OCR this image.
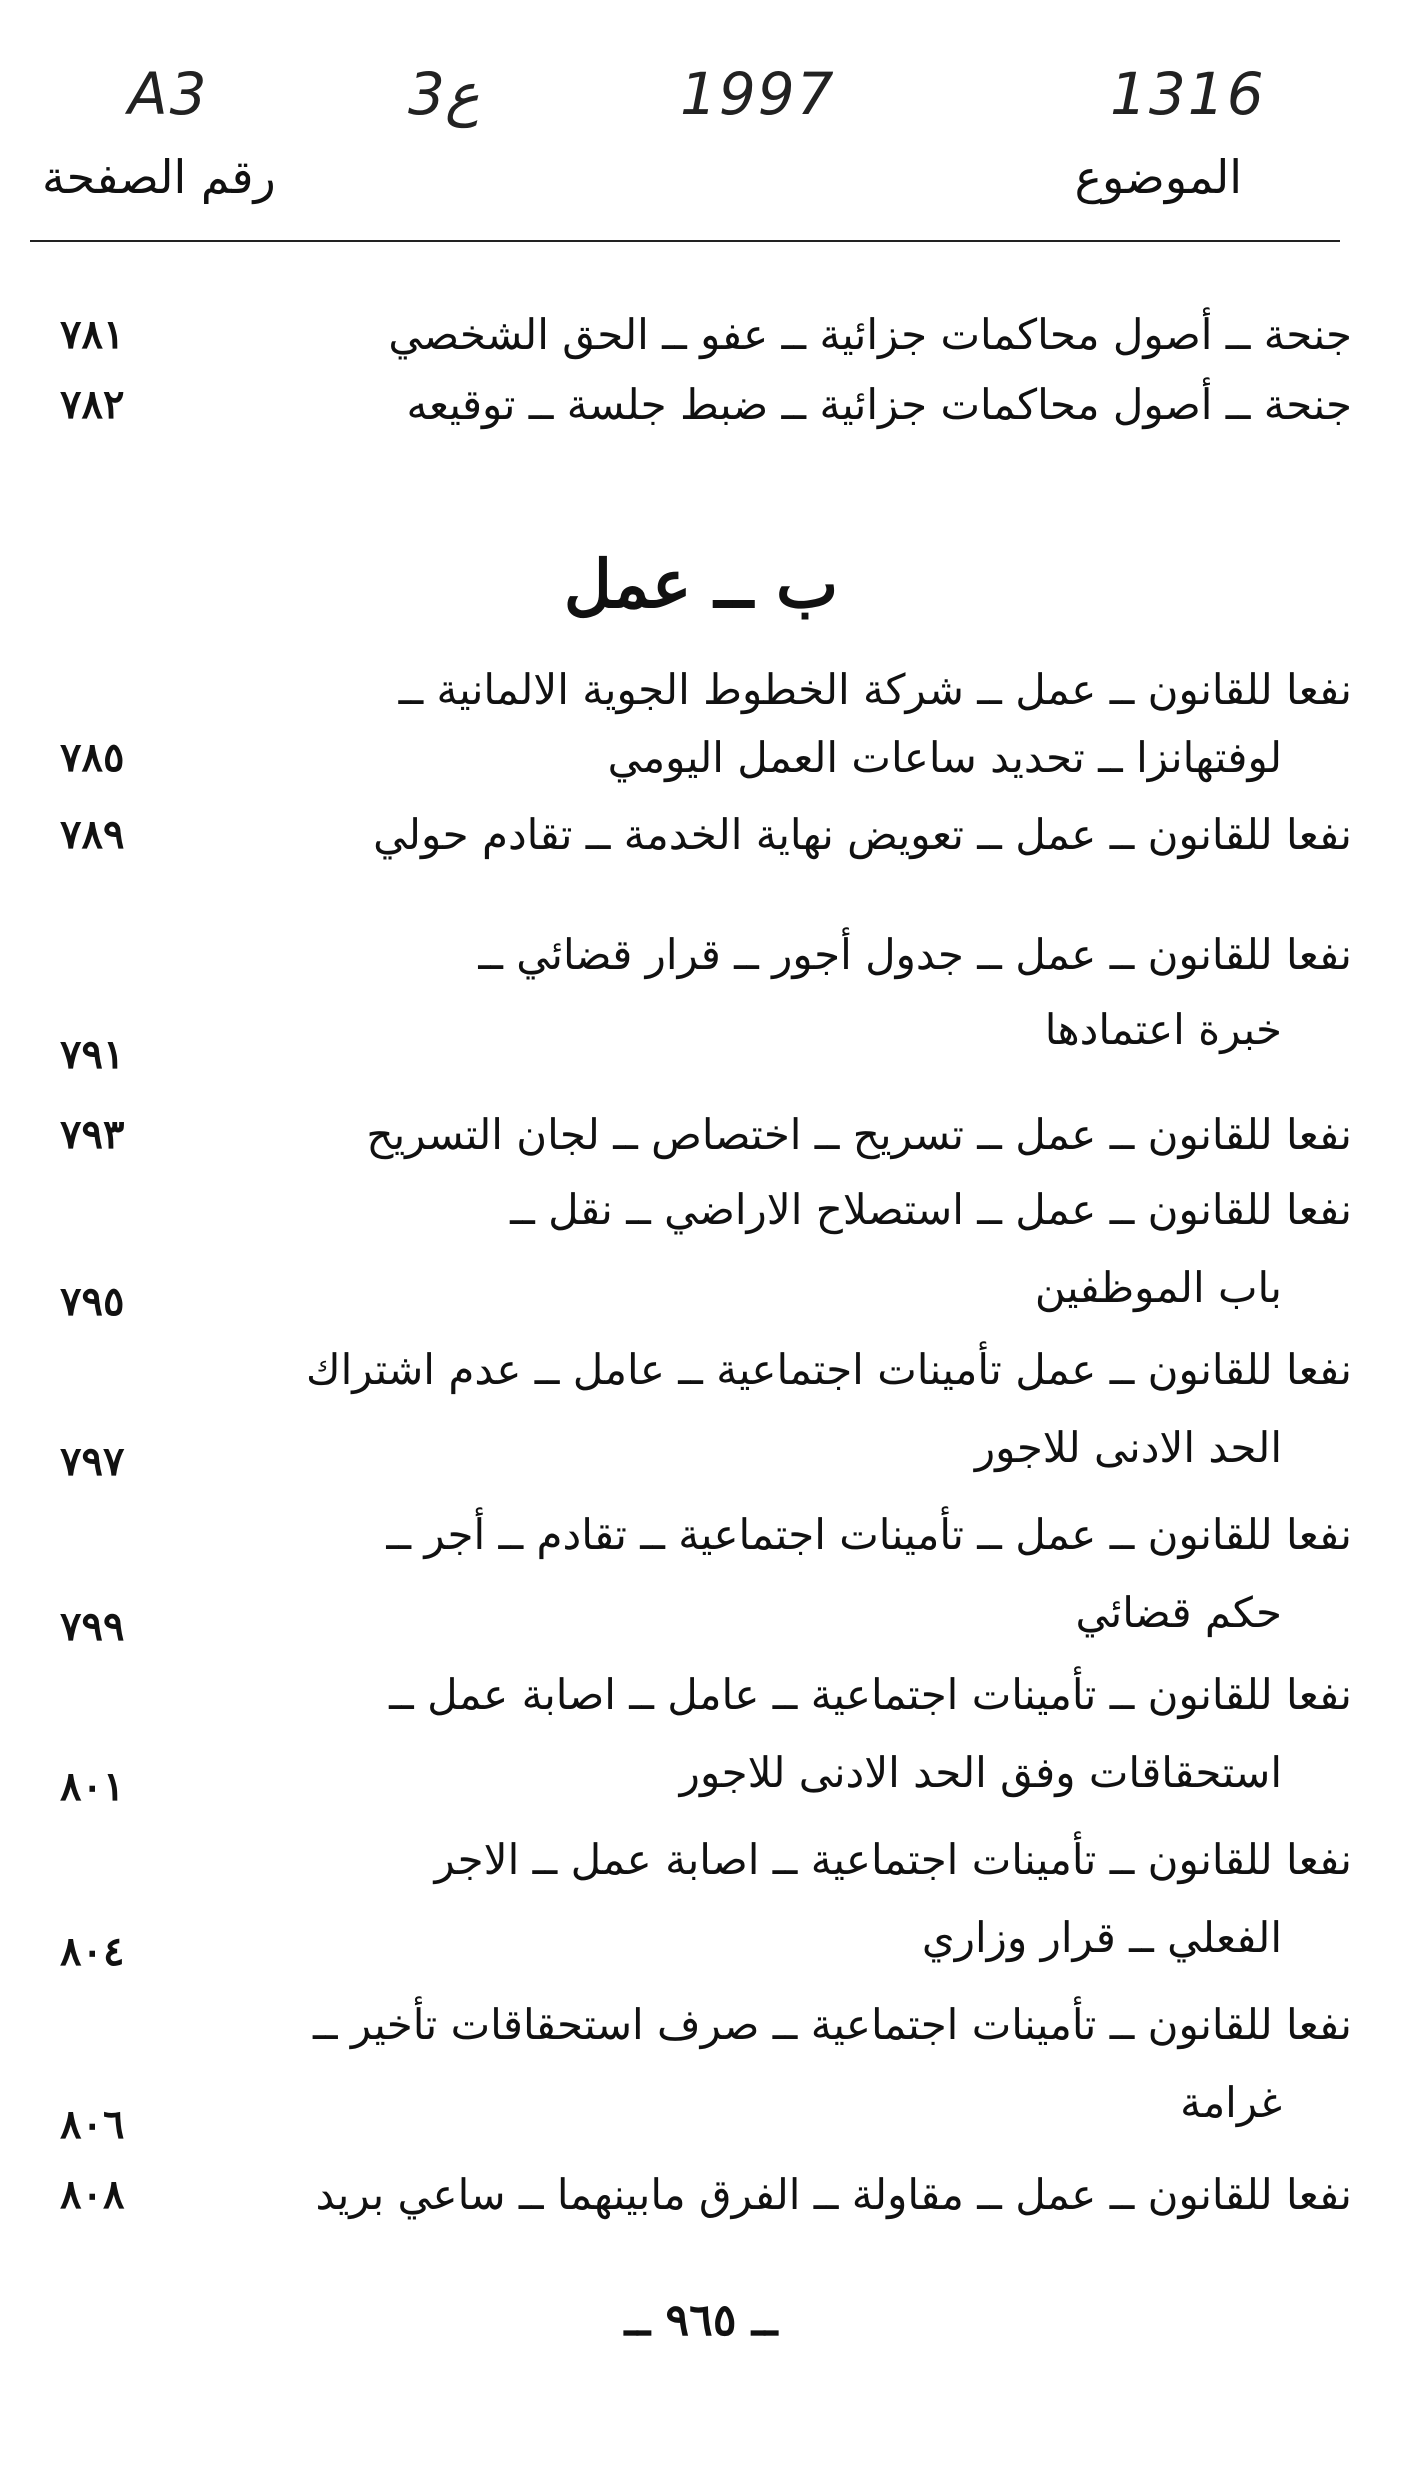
A3	3ع	1997	1316
الموضوع
رقم الصفحة
جنحة ــ أصول محاكمات جزائية ــ عفو ــ الحق الشخصي
٧٨١
جنحة ــ أصول محاكمات جزائية ــ ضبط جلسة ــ توقيعه
٧٨٢
ب ــ عمل
نفعا للقانون ــ عمل ــ شركة الخطوط الجوية الالمانية ــ
لوفتهانزا ــ تحديد ساعات العمل اليومي
٧٨٥
نفعا للقانون ــ عمل ــ تعويض نهاية الخدمة ــ تقادم حولي
٧٨٩
نفعا للقانون ــ عمل ــ جدول أجور ــ قرار قضائي ــ
خبرة اعتمادها
٧٩١
نفعا للقانون ــ عمل ــ تسريح ــ اختصاص ــ لجان التسريح
٧٩٣
نفعا للقانون ــ عمل ــ استصلاح الاراضي ــ نقل ــ
باب الموظفين
٧٩٥
نفعا للقانون ــ عمل تأمينات اجتماعية ــ عامل ــ عدم اشتراك
الحد الادنى للاجور
٧٩٧
نفعا للقانون ــ عمل ــ تأمينات اجتماعية ــ تقادم ــ أجر ــ
حكم قضائي
٧٩٩
نفعا للقانون ــ تأمينات اجتماعية ــ عامل ــ اصابة عمل ــ
استحقاقات وفق الحد الادنى للاجور
٨٠١
نفعا للقانون ــ تأمينات اجتماعية ــ اصابة عمل ــ الاجر
الفعلي ــ قرار وزاري
٨٠٤
نفعا للقانون ــ تأمينات اجتماعية ــ صرف استحقاقات تأخير ــ
غرامة
٨٠٦
نفعا للقانون ــ عمل ــ مقاولة ــ الفرق مابينهما ــ ساعي بريد
٨٠٨
ــ ٩٦٥ ــ
